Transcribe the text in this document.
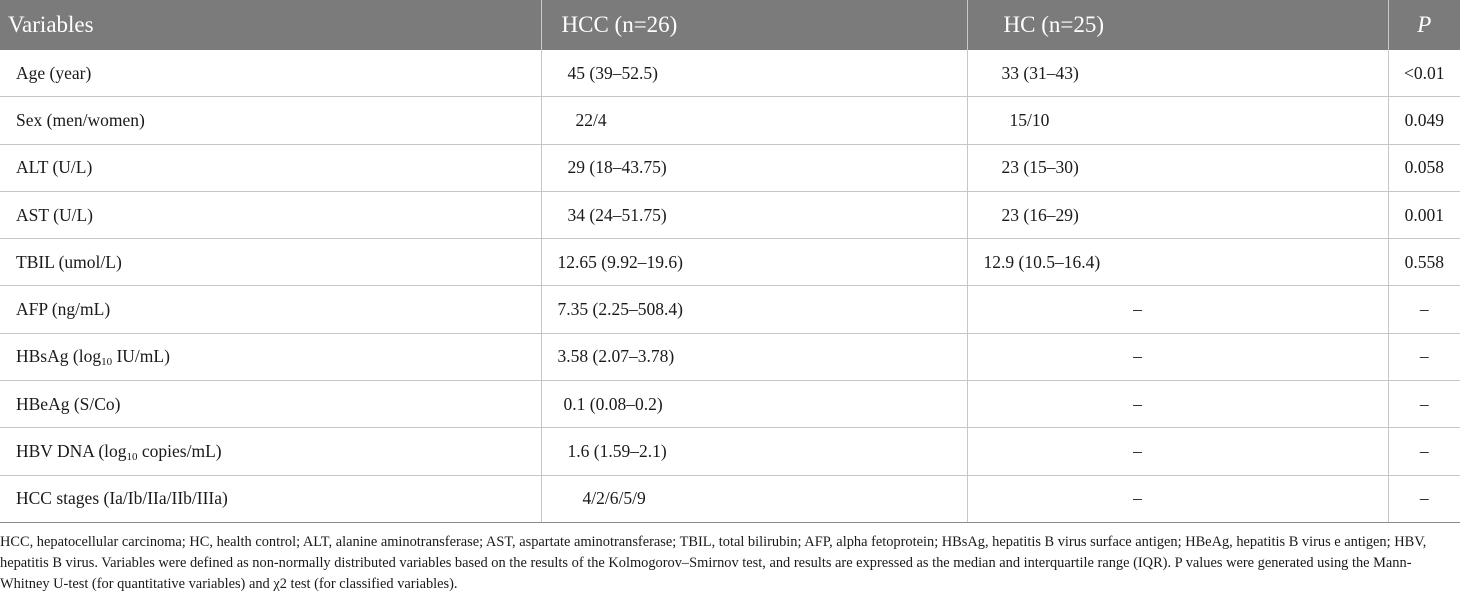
Variables	HCC (n=26)	HC (n=25)	P
Age (year)	45 (39–52.5)	33 (31–43)	<0.01
Sex (men/women)	22/4	15/10	0.049
ALT (U/L)	29 (18–43.75)	23 (15–30)	0.058
AST (U/L)	34 (24–51.75)	23 (16–29)	0.001
TBIL (umol/L)	12.65 (9.92–19.6)	12.9 (10.5–16.4)	0.558
AFP (ng/mL)	7.35 (2.25–508.4)	–	–
HBsAg ($\log_{10}$ IU/mL)	3.58 (2.07–3.78)	–	–
HBeAg (S/Co)	0.1 (0.08–0.2)	–	–
HBV DNA ($\log_{10}$ copies/mL)	1.6 (1.59–2.1)	–	–
HCC stages (Ia/Ib/IIa/IIb/IIIa)	4/2/6/5/9	–	–
HCC, hepatocellular carcinoma; HC, health control; ALT, alanine aminotransferase; AST, aspartate aminotransferase; TBIL, total bilirubin; AFP, alpha fetoprotein; HBsAg, hepatitis B virus surface antigen; HBeAg, hepatitis B virus e antigen; HBV, hepatitis B virus. Variables were defined as non-normally distributed variables based on the results of the Kolmogorov–Smirnov test, and results are expressed as the median and interquartile range (IQR). P values were generated using the Mann-Whitney U-test (for quantitative variables) and χ2 test (for classified variables).
